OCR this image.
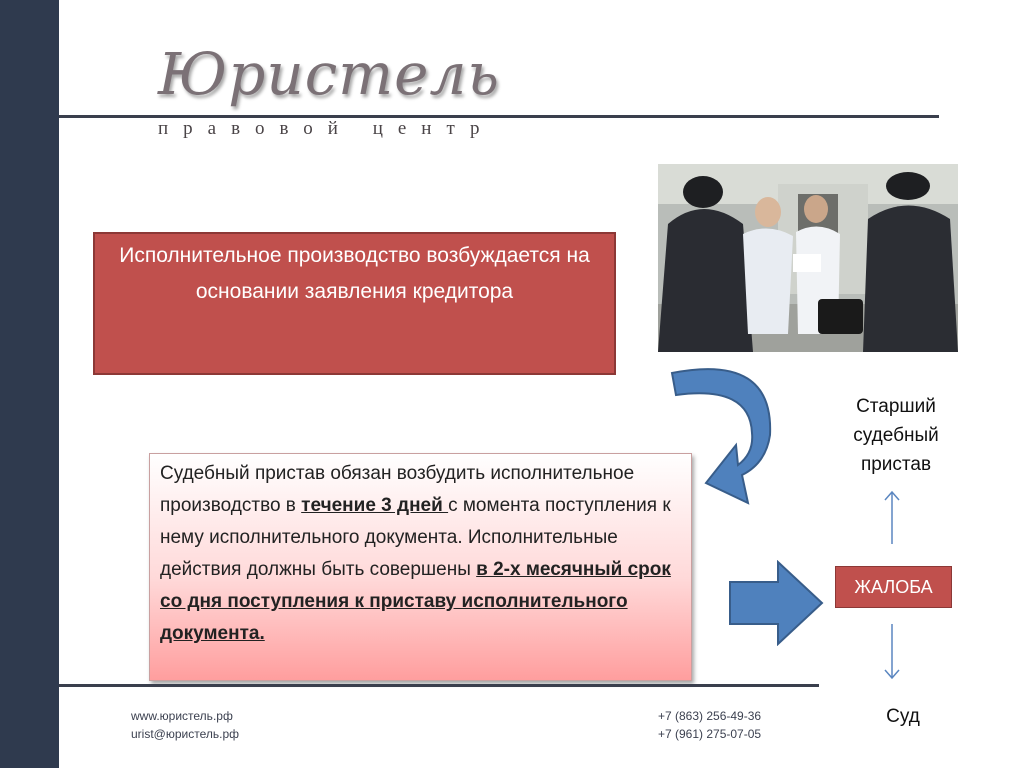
Юристель
правовой центр
Исполнительное производство возбуждается на основании заявления кредитора
Судебный пристав обязан возбудить исполнительное производство в течение 3 дней с момента поступления к нему исполнительного документа. Исполнительные действия должны быть совершены в 2-х месячный срок со дня поступления к приставу исполнительного документа.
Старший судебный пристав
ЖАЛОБА
Суд
www.юристель.рф
urist@юристель.рф
+7 (863) 256-49-36
+7 (961) 275-07-05
